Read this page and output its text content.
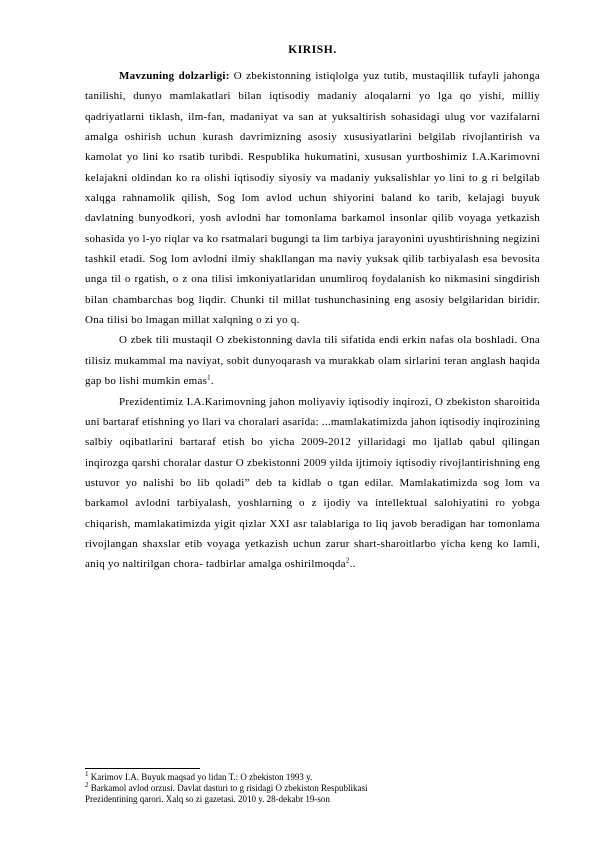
KIRISH.

Mavzuning dolzarligi: O zbekistonning istiqlolga yuz tutib, mustaqillik tufayli jahonga tanilishi, dunyo mamlakatlari bilan iqtisodiy madaniy aloqalarni yo lga qo yishi, milliy qadriyatlarni tiklash, ilm-fan, madaniyat va san at yuksaltirish sohasidagi ulug vor vazifalarni amalga oshirish uchun kurash davrimizning asosiy xususiyatlarini belgilab rivojlantirish va kamolat yo lini ko rsatib turibdi. Respublika hukumatini, xususan yurtboshimiz I.A.Karimovni kelajakni oldindan ko ra olishi iqtisodiy siyosiy va madaniy yuksalishlar yo lini to g ri belgilab xalqga rahnamolik qilish, Sog lom avlod uchun shiyorini baland ko tarib, kelajagi buyuk davlatning bunyodkori, yosh avlodni har tomonlama barkamol insonlar qilib voyaga yetkazish sohasida yo l-yo riqlar va ko rsatmalari bugungi ta lim tarbiya jarayonini uyushtirishning negizini tashkil etadi. Sog lom avlodni ilmiy shakllangan ma naviy yuksak qilib tarbiyalash esa bevosita unga til o rgatish, o z ona tilisi imkoniyatlaridan unumliroq foydalanish ko nikmasini singdirish bilan chambarchas bog liqdir. Chunki til millat tushunchasining eng asosiy belgilaridan biridir. Ona tilisi bo lmagan millat xalqning o zi yo q.

O zbek tili mustaqil O zbekistonning davla tili sifatida endi erkin nafas ola boshladi. Ona tilisiz mukammal ma naviyat, sobit dunyoqarash va murakkab olam sirlarini teran anglash haqida gap bo lishi mumkin emas$^1$.

Prezidentimiz I.A.Karimovning jahon moliyaviy iqtisodiy inqirozi, O zbekiston sharoitida uni bartaraf etishning yo llari va choralari asarida: ...mamlakatimizda jahon iqtisodiy inqirozining salbiy oqibatlarini bartaraf etish bo yicha 2009-2012 yillaridagi mo ljallab qabul qilingan inqirozga qarshi choralar dastur O zbekistonni 2009 yilda ijtimoiy iqtisodiy rivojlantirishning eng ustuvor yo nalishi bo lib qoladi” deb ta kidlab o tgan edilar. Mamlakatimizda sog lom va barkamol avlodni tarbiyalash, yoshlarning o z ijodiy va intellektual salohiyatini ro yobga chiqarish, mamlakatimizda yigit qizlar XXI asr talablariga to liq javob beradigan har tomonlama rivojlangan shaxslar etib voyaga yetkazish uchun zarur shart-sharoitlarbo yicha keng ko lamli, aniq yo naltirilgan chora- tadbirlar amalga oshirilmoqda$^2$..

$^1$ Karimov I.A. Buyuk maqsad yo lidan T.: O zbekiston 1993 y.
$^2$ Barkamol avlod orzusi. Davlat dasturi to g risidagi O zbekiston Respublikasi
Prezidentining qarori. Xalq so zi gazetasi. 2010 y. 28-dekabr 19-son
